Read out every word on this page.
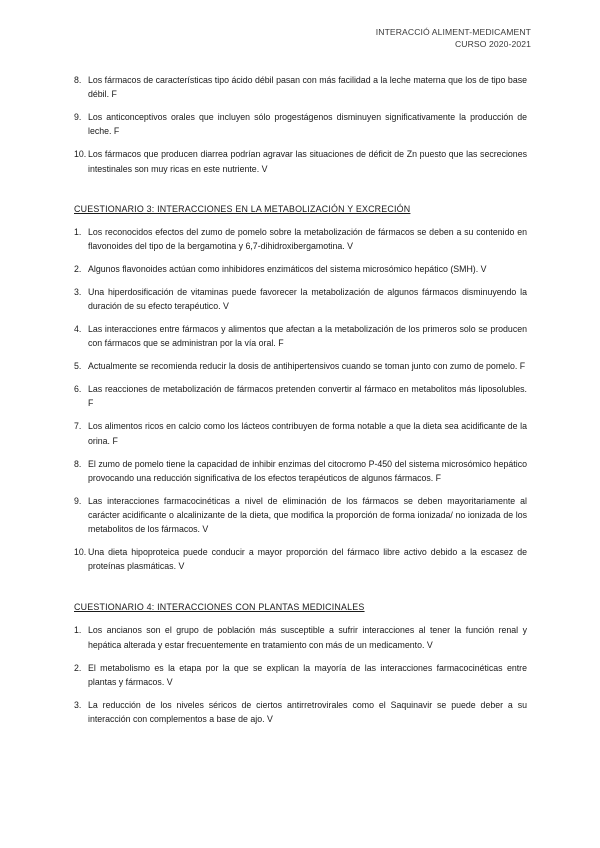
INTERACCIÓ ALIMENT-MEDICAMENT
CURSO 2020-2021
8. Los fármacos de características tipo ácido débil pasan con más facilidad a la leche materna que los de tipo base débil. F
9. Los anticonceptivos orales que incluyen sólo progestágenos disminuyen significativamente la producción de leche. F
10. Los fármacos que producen diarrea podrían agravar las situaciones de déficit de Zn puesto que las secreciones intestinales son muy ricas en este nutriente. V

CUESTIONARIO 3: INTERACCIONES EN LA METABOLIZACIÓN Y EXCRECIÓN

1. Los reconocidos efectos del zumo de pomelo sobre la metabolización de fármacos se deben a su contenido en flavonoides del tipo de la bergamotina y 6,7-dihidroxibergamotina. V
2. Algunos flavonoides actúan como inhibidores enzimáticos del sistema microsómico hepático (SMH). V
3. Una hiperdosificación de vitaminas puede favorecer la metabolización de algunos fármacos disminuyendo la duración de su efecto terapéutico. V
4. Las interacciones entre fármacos y alimentos que afectan a la metabolización de los primeros solo se producen con fármacos que se administran por la vía oral. F
5. Actualmente se recomienda reducir la dosis de antihipertensivos cuando se toman junto con zumo de pomelo. F
6. Las reacciones de metabolización de fármacos pretenden convertir al fármaco en metabolitos más liposolubles. F
7. Los alimentos ricos en calcio como los lácteos contribuyen de forma notable a que la dieta sea acidificante de la orina. F
8. El zumo de pomelo tiene la capacidad de inhibir enzimas del citocromo P-450 del sistema microsómico hepático provocando una reducción significativa de los efectos terapéuticos de algunos fármacos. F
9. Las interacciones farmacocinéticas a nivel de eliminación de los fármacos se deben mayoritariamente al carácter acidificante o alcalinizante de la dieta, que modifica la proporción de forma ionizada/ no ionizada de los metabolitos de los fármacos. V
10. Una dieta hipoproteica puede conducir a mayor proporción del fármaco libre activo debido a la escasez de proteínas plasmáticas. V

CUESTIONARIO 4: INTERACCIONES CON PLANTAS MEDICINALES

1. Los ancianos son el grupo de población más susceptible a sufrir interacciones al tener la función renal y hepática alterada y estar frecuentemente en tratamiento con más de un medicamento. V
2. El metabolismo es la etapa por la que se explican la mayoría de las interacciones farmacocinéticas entre plantas y fármacos. V
3. La reducción de los niveles séricos de ciertos antirretrovirales como el Saquinavir se puede deber a su interacción con complementos a base de ajo. V
